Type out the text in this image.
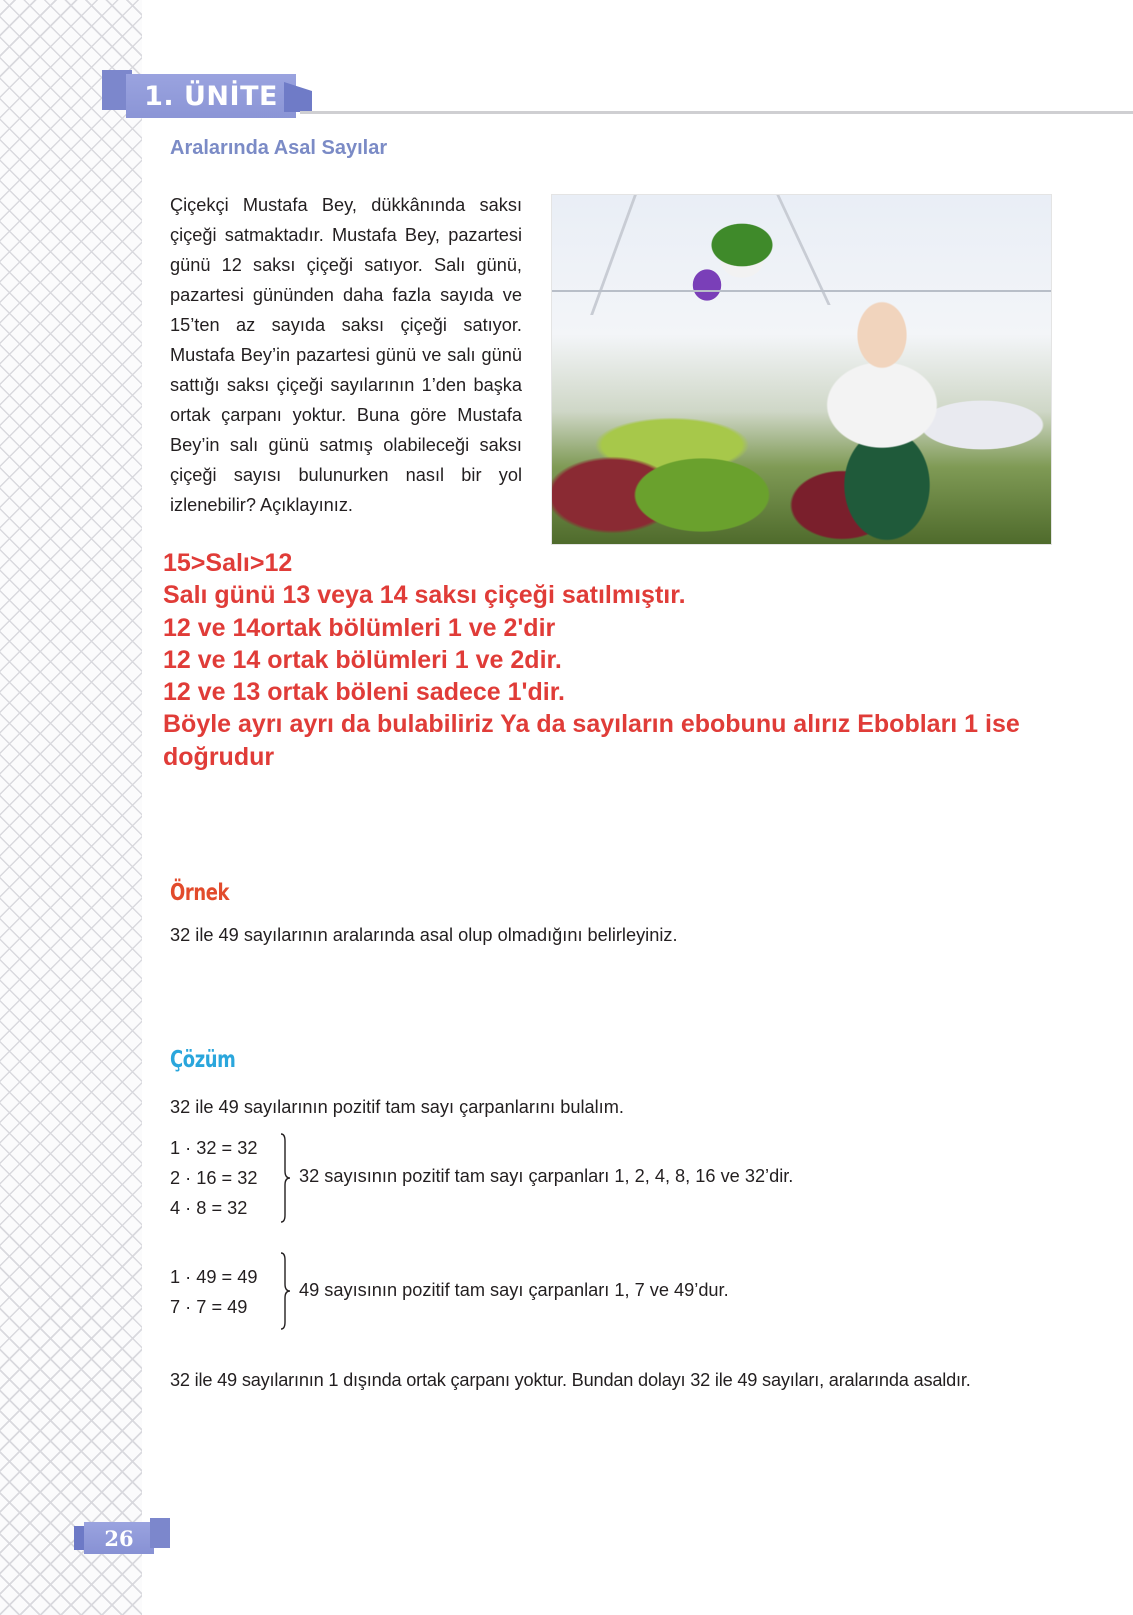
1. ÜNİTE
Aralarında Asal Sayılar
Çiçekçi Mustafa Bey, dükkânında saksı çiçeği satmaktadır. Mustafa Bey, pazartesi günü 12 saksı çiçeği satıyor. Salı günü, pazartesi gününden daha fazla sayıda ve 15’ten az sayıda saksı çiçeği satıyor. Mustafa Bey’in pazartesi günü ve salı günü sattığı saksı çiçeği sayılarının 1’den başka ortak çarpanı yoktur. Buna göre Mustafa Bey’in salı günü satmış olabileceği saksı çiçeği sayısı bulunurken nasıl bir yol izlenebilir? Açıklayınız.
15>Salı>12
Salı günü 13 veya 14 saksı çiçeği satılmıştır.
12 ve 14ortak bölümleri 1 ve 2'dir
12 ve 14 ortak bölümleri 1 ve 2dir.
12 ve 13 ortak böleni sadece 1'dir.
Böyle ayrı ayrı da bulabiliriz Ya da sayıların ebobunu alırız Ebobları 1 ise
doğrudur
Örnek
32 ile 49 sayılarının aralarında asal olup olmadığını belirleyiniz.
Çözüm
32 ile 49 sayılarının pozitif tam sayı çarpanlarını bulalım.
1 · 32 = 32
2 · 16 = 32
4 · 8 = 32
32 sayısının pozitif tam sayı çarpanları 1, 2, 4, 8, 16 ve 32’dir.
1 · 49 = 49
7 · 7 = 49
49 sayısının pozitif tam sayı çarpanları 1, 7 ve 49’dur.
32 ile 49 sayılarının 1 dışında ortak çarpanı yoktur. Bundan dolayı 32 ile 49 sayıları, aralarında asaldır.
26
